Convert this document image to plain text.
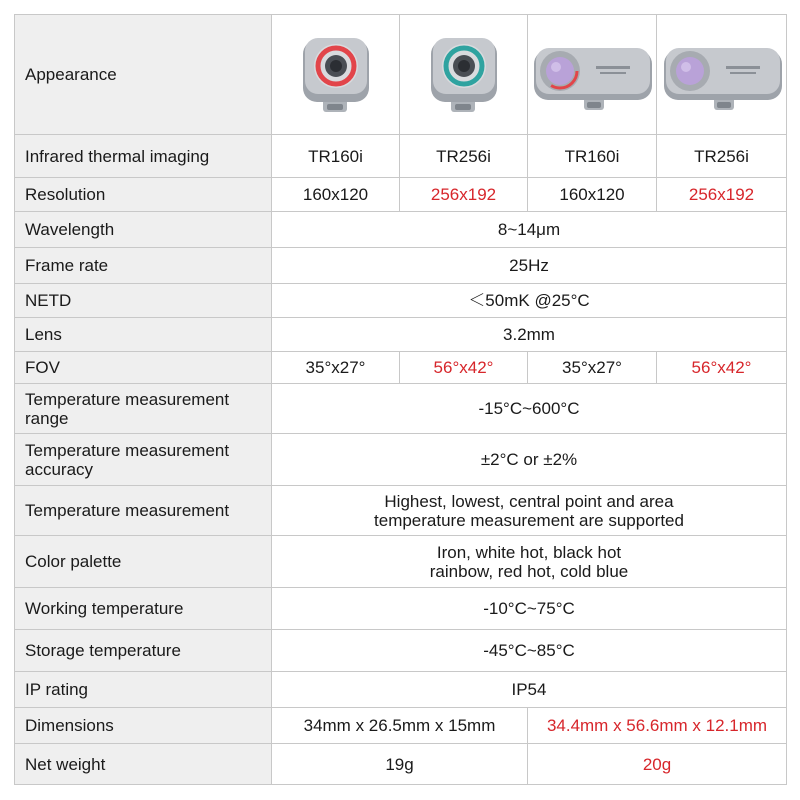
Appearance	

Infrared thermal imaging	TR160i	TR256i	TR160i	TR256i
Resolution	160x120	256x192	160x120	256x192
Wavelength	8~14μm			
Frame rate	25Hz			
NETD	＜50mK @25°C			
Lens	3.2mm			
FOV	35°x27°	56°x42°	35°x27°	56°x42°

Temperature measurement
range	-15°C~600°C			

Temperature measurement
accuracy	±2°C or ±2%			
Temperature measurement	Highest, lowest, central point and area
temperature measurement are supported			

Color palette	Iron, white hot, black hot
rainbow, red hot, cold blue			

Working temperature	-10°C~75°C			
Storage temperature	-45°C~85°C			
IP rating	IP54			
Dimensions	34mm x 26.5mm x 15mm		34.4mm x 56.6mm x 12.1mm	
Net weight	19g		20g	
